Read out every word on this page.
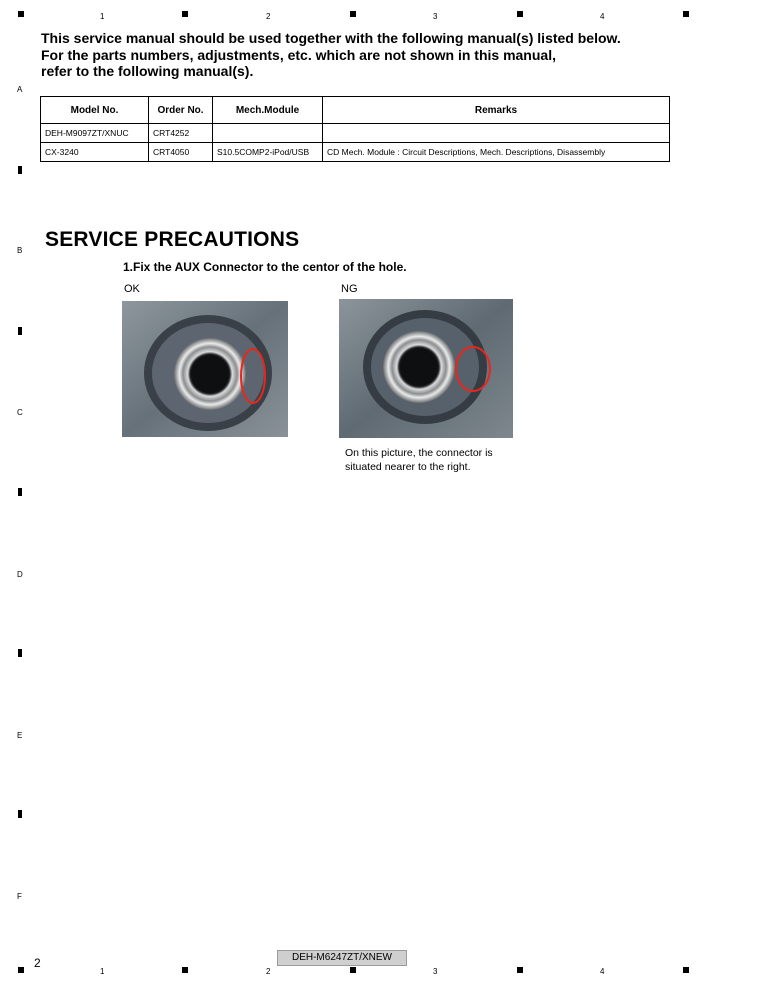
1	2	3	4
1	2	3	4
A
B
C
D
E
F
This service manual should be used together with the following manual(s) listed below.
For the parts numbers, adjustments, etc. which are not shown in this manual,
refer to the following manual(s).
Model No.	Order No.	Mech.Module	Remarks
DEH-M9097ZT/XNUC	CRT4252		
CX-3240	CRT4050	S10.5COMP2-iPod/USB	CD Mech. Module : Circuit Descriptions, Mech. Descriptions, Disassembly
SERVICE PRECAUTIONS
1.Fix the AUX Connector to the centor of the hole.
OK	NG
On this picture, the connector is
situated nearer to the right.
2	DEH-M6247ZT/XNEW
